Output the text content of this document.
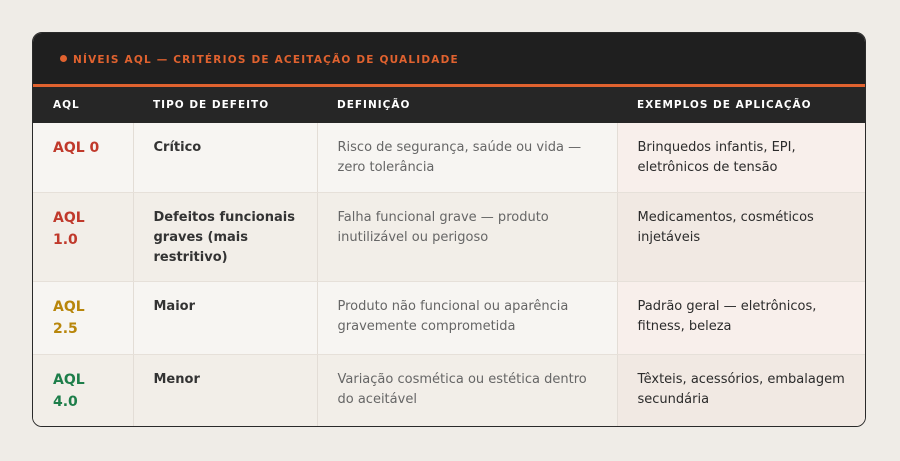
NÍVEIS AQL — CRITÉRIOS DE ACEITAÇÃO DE QUALIDADE
AQL	TIPO DE DEFEITO	DEFINIÇÃO	EXEMPLOS DE APLICAÇÃO
AQL 0	Crítico	Risco de segurança, saúde ou vida — zero tolerância	Brinquedos infantis, EPI, eletrônicos de tensão
AQL 1.0	Defeitos funcionais graves (mais restritivo)	Falha funcional grave — produto inutilizável ou perigoso	Medicamentos, cosméticos injetáveis
AQL 2.5	Maior	Produto não funcional ou aparência gravemente comprometida	Padrão geral — eletrônicos, fitness, beleza
AQL 4.0	Menor	Variação cosmética ou estética dentro do aceitável	Têxteis, acessórios, embalagem secundária
